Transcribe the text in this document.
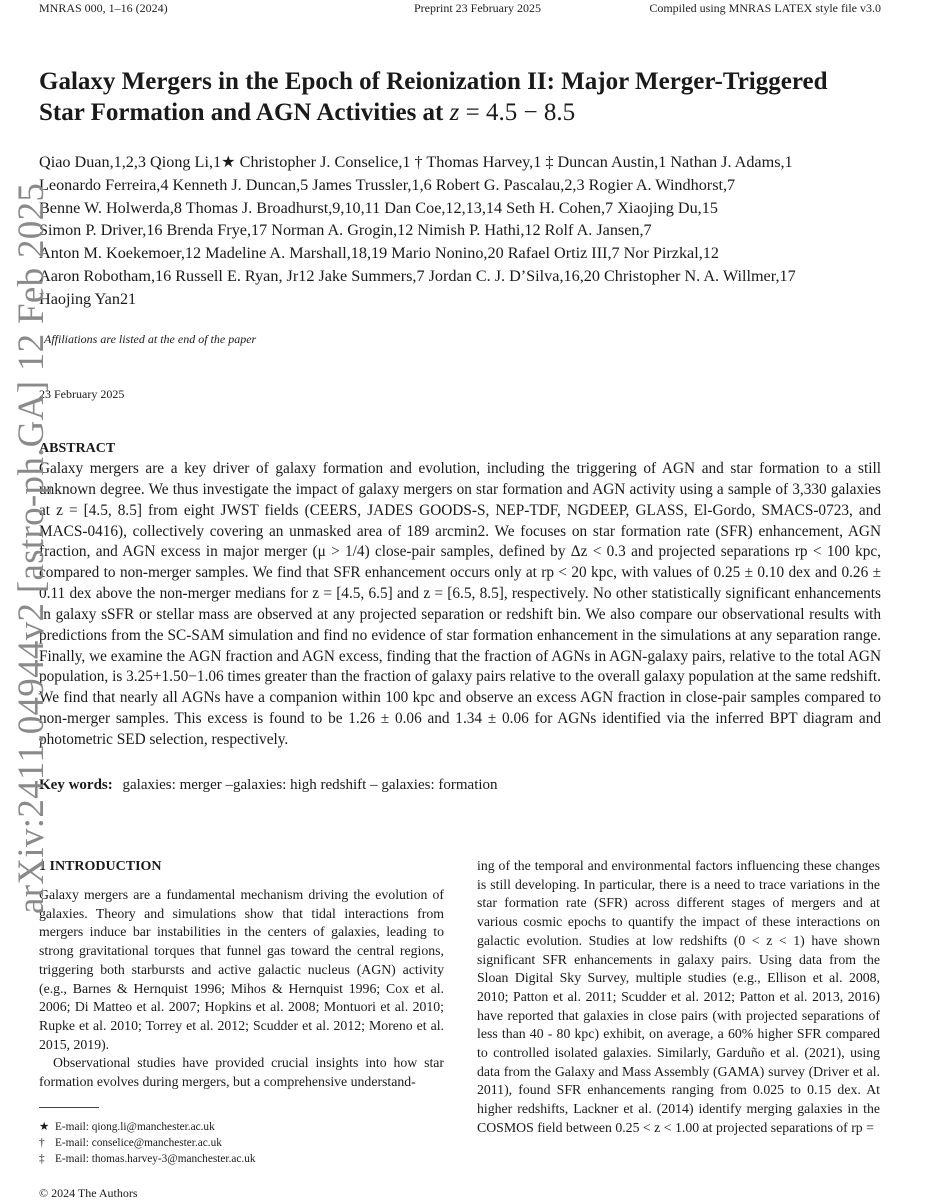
MNRAS 000, 1–16 (2024)	Preprint 23 February 2025	Compiled using MNRAS LATEX style file v3.0
Galaxy Mergers in the Epoch of Reionization II: Major Merger-Triggered
Star Formation and AGN Activities at z = 4.5 − 8.5

Qiao Duan,1,2,3 Qiong Li,1★ Christopher J. Conselice,1 † Thomas Harvey,1 ‡ Duncan Austin,1 Nathan J. Adams,1

Leonardo Ferreira,4 Kenneth J. Duncan,5 James Trussler,1,6 Robert G. Pascalau,2,3 Rogier A. Windhorst,7

Benne W. Holwerda,8 Thomas J. Broadhurst,9,10,11 Dan Coe,12,13,14 Seth H. Cohen,7 Xiaojing Du,15

Simon P. Driver,16 Brenda Frye,17 Norman A. Grogin,12 Nimish P. Hathi,12 Rolf A. Jansen,7

Anton M. Koekemoer,12 Madeline A. Marshall,18,19 Mario Nonino,20 Rafael Ortiz III,7 Nor Pirzkal,12

Aaron Robotham,16 Russell E. Ryan, Jr12 Jake Summers,7 Jordan C. J. D’Silva,16,20 Christopher N. A. Willmer,17

Haojing Yan21

Affiliations are listed at the end of the paper
23 February 2025
ABSTRACT

Galaxy mergers are a key driver of galaxy formation and evolution, including the triggering of AGN and star formation to a still unknown degree. We thus investigate the impact of galaxy mergers on star formation and AGN activity using a sample of 3,330 galaxies at z = [4.5, 8.5] from eight JWST fields (CEERS, JADES GOODS-S, NEP-TDF, NGDEEP, GLASS, El-Gordo, SMACS-0723, and MACS-0416), collectively covering an unmasked area of 189 arcmin2. We focuses on star formation rate (SFR) enhancement, AGN fraction, and AGN excess in major merger (μ > 1/4) close-pair samples, defined by Δz < 0.3 and projected separations rp < 100 kpc, compared to non-merger samples. We find that SFR enhancement occurs only at rp < 20 kpc, with values of 0.25 ± 0.10 dex and 0.26 ± 0.11 dex above the non-merger medians for z = [4.5, 6.5] and z = [6.5, 8.5], respectively. No other statistically significant enhancements in galaxy sSFR or stellar mass are observed at any projected separation or redshift bin. We also compare our observational results with predictions from the SC-SAM simulation and find no evidence of star formation enhancement in the simulations at any separation range. Finally, we examine the AGN fraction and AGN excess, finding that the fraction of AGNs in AGN-galaxy pairs, relative to the total AGN population, is 3.25+1.50−1.06 times greater than the fraction of galaxy pairs relative to the overall galaxy population at the same redshift. We find that nearly all AGNs have a companion within 100 kpc and observe an excess AGN fraction in close-pair samples compared to non-merger samples. This excess is found to be 1.26 ± 0.06 and 1.34 ± 0.06 for AGNs identified via the inferred BPT diagram and photometric SED selection, respectively.

Key words: galaxies: merger –galaxies: high redshift – galaxies: formation

1 INTRODUCTION

Galaxy mergers are a fundamental mechanism driving the evolution of galaxies. Theory and simulations show that tidal interactions from mergers induce bar instabilities in the centers of galaxies, leading to strong gravitational torques that funnel gas toward the central regions, triggering both starbursts and active galactic nucleus (AGN) activity (e.g., Barnes & Hernquist 1996; Mihos & Hernquist 1996; Cox et al. 2006; Di Matteo et al. 2007; Hopkins et al. 2008; Montuori et al. 2010; Rupke et al. 2010; Torrey et al. 2012; Scudder et al. 2012; Moreno et al. 2015, 2019).

Observational studies have provided crucial insights into how star formation evolves during mergers, but a comprehensive understand-

ing of the temporal and environmental factors influencing these changes is still developing. In particular, there is a need to trace variations in the star formation rate (SFR) across different stages of mergers and at various cosmic epochs to quantify the impact of these interactions on galactic evolution. Studies at low redshifts (0 < z < 1) have shown significant SFR enhancements in galaxy pairs. Using data from the Sloan Digital Sky Survey, multiple studies (e.g., Ellison et al. 2008, 2010; Patton et al. 2011; Scudder et al. 2012; Patton et al. 2013, 2016) have reported that galaxies in close pairs (with projected separations of less than 40 - 80 kpc) exhibit, on average, a 60% higher SFR compared to controlled isolated galaxies. Similarly, Garduño et al. (2021), using data from the Galaxy and Mass Assembly (GAMA) survey (Driver et al. 2011), found SFR enhancements ranging from 0.025 to 0.15 dex. At higher redshifts, Lackner et al. (2014) identify merging galaxies in the COSMOS field between 0.25 < z < 1.00 at projected separations of rp =

★ E-mail: qiong.li@manchester.ac.uk

† E-mail: conselice@manchester.ac.uk

‡ E-mail: thomas.harvey-3@manchester.ac.uk

© 2024 The Authors
arXiv:2411.04944v2 [astro-ph.GA] 12 Feb 2025
